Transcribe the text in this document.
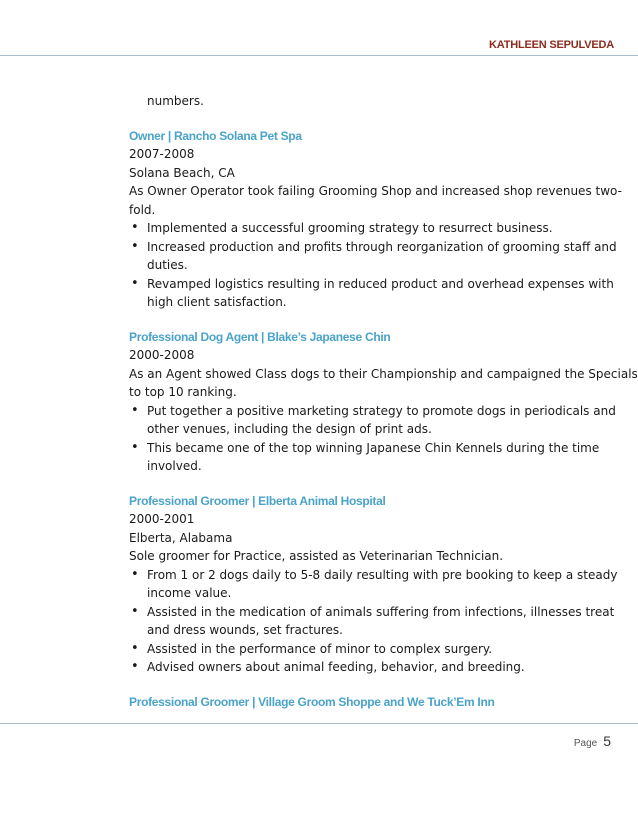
KATHLEEN SEPULVEDA
numbers.
Owner | Rancho Solana Pet Spa
2007-2008
Solana Beach, CA
As Owner Operator took failing Grooming Shop and increased shop revenues two-
fold.
• Implemented a successful grooming strategy to resurrect business.
• Increased production and profits through reorganization of grooming staff and
duties.
• Revamped logistics resulting in reduced product and overhead expenses with
high client satisfaction.
Professional Dog Agent | Blake’s Japanese Chin
2000-2008
As an Agent showed Class dogs to their Championship and campaigned the Specials
to top 10 ranking.
• Put together a positive marketing strategy to promote dogs in periodicals and
other venues, including the design of print ads.
• This became one of the top winning Japanese Chin Kennels during the time
involved.
Professional Groomer | Elberta Animal Hospital
2000-2001
Elberta, Alabama
Sole groomer for Practice, assisted as Veterinarian Technician.
• From 1 or 2 dogs daily to 5-8 daily resulting with pre booking to keep a steady
income value.
• Assisted in the medication of animals suffering from infections, illnesses treat
and dress wounds, set fractures.
• Assisted in the performance of minor to complex surgery.
• Advised owners about animal feeding, behavior, and breeding.
Professional Groomer | Village Groom Shoppe and We Tuck’Em Inn
Page 5
